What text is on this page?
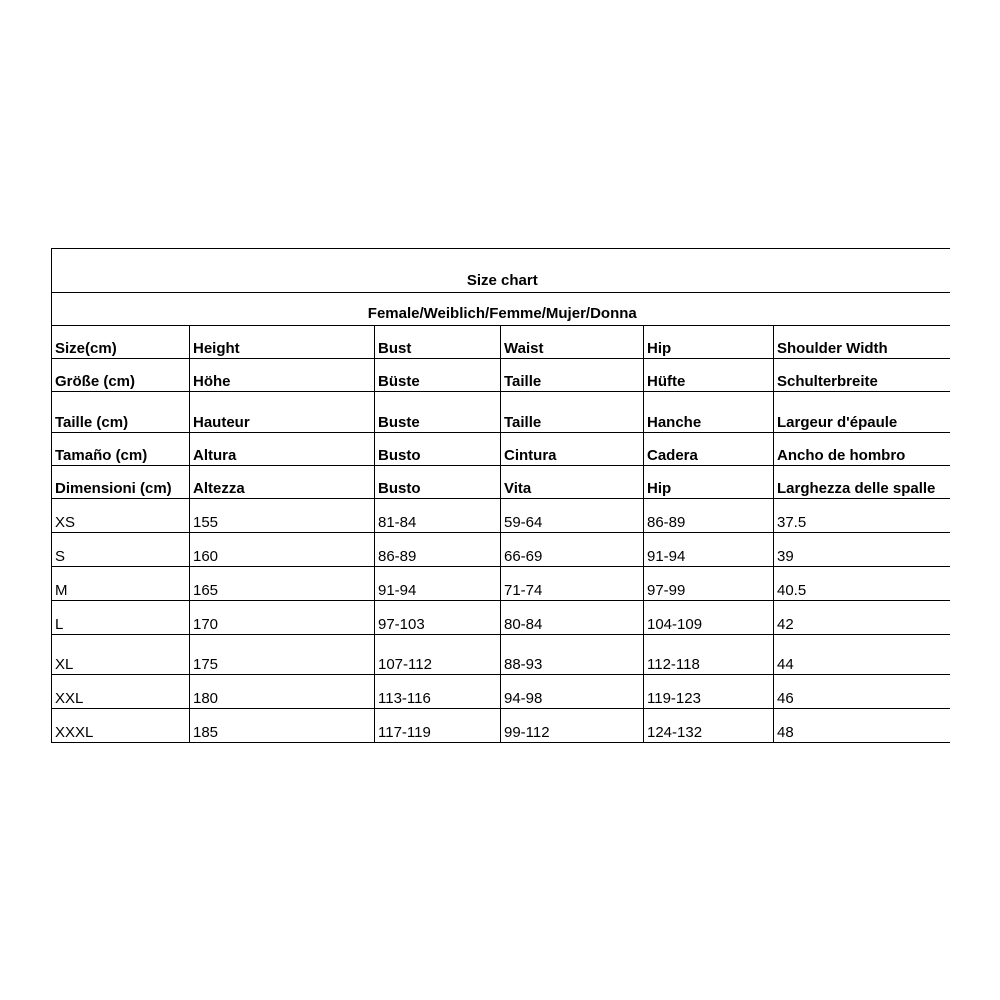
Size chart					
Female/Weiblich/Femme/Mujer/Donna					
Size(cm)	Height	Bust	Waist	Hip	Shoulder Width
Größe (cm)	Höhe	Büste	Taille	Hüfte	Schulterbreite
Taille (cm)	Hauteur	Buste	Taille	Hanche	Largeur d'épaule
Tamaño (cm)	Altura	Busto	Cintura	Cadera	Ancho de hombro
Dimensioni (cm)	Altezza	Busto	Vita	Hip	Larghezza delle spalle
XS	155	81-84	59-64	86-89	37.5
S	160	86-89	66-69	91-94	39
M	165	91-94	71-74	97-99	40.5
L	170	97-103	80-84	104-109	42
XL	175	107-112	88-93	112-118	44
XXL	180	113-116	94-98	119-123	46
XXXL	185	117-119	99-112	124-132	48
